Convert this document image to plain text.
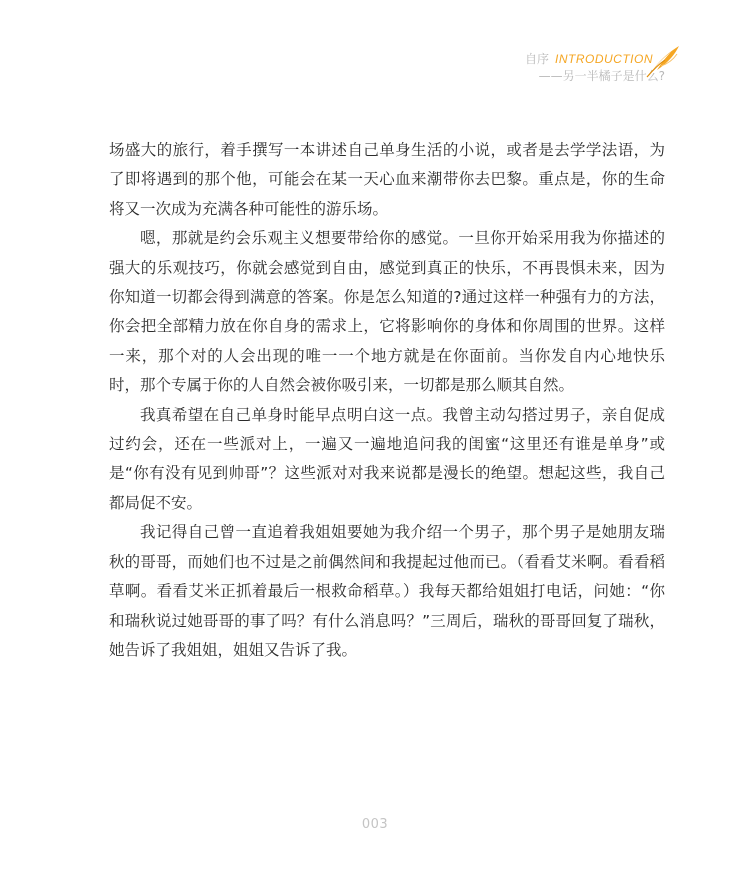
自序 INTRODUCTION
——另一半橘子是什么?

场盛大的旅行，着手撰写一本讲述自己单身生活的小说，或者是去学学法语，为了即将遇到的那个他，可能会在某一天心血来潮带你去巴黎。重点是，你的生命将又一次成为充满各种可能性的游乐场。

嗯，那就是约会乐观主义想要带给你的感觉。一旦你开始采用我为你描述的强大的乐观技巧，你就会感觉到自由，感觉到真正的快乐，不再畏惧未来，因为你知道一切都会得到满意的答案。你是怎么知道的?通过这样一种强有力的方法，你会把全部精力放在你自身的需求上，它将影响你的身体和你周围的世界。这样一来，那个对的人会出现的唯一一个地方就是在你面前。当你发自内心地快乐时，那个专属于你的人自然会被你吸引来，一切都是那么顺其自然。

我真希望在自己单身时能早点明白这一点。我曾主动勾搭过男子，亲自促成过约会，还在一些派对上，一遍又一遍地追问我的闺蜜“这里还有谁是单身”或是“你有没有见到帅哥”？这些派对对我来说都是漫长的绝望。想起这些，我自己都局促不安。

我记得自己曾一直追着我姐姐要她为我介绍一个男子，那个男子是她朋友瑞秋的哥哥，而她们也不过是之前偶然间和我提起过他而已。（看看艾米啊。看看稻草啊。看看艾米正抓着最后一根救命稻草。）我每天都给姐姐打电话，问她：“你和瑞秋说过她哥哥的事了吗？有什么消息吗？”三周后，瑞秋的哥哥回复了瑞秋，她告诉了我姐姐，姐姐又告诉了我。

003
